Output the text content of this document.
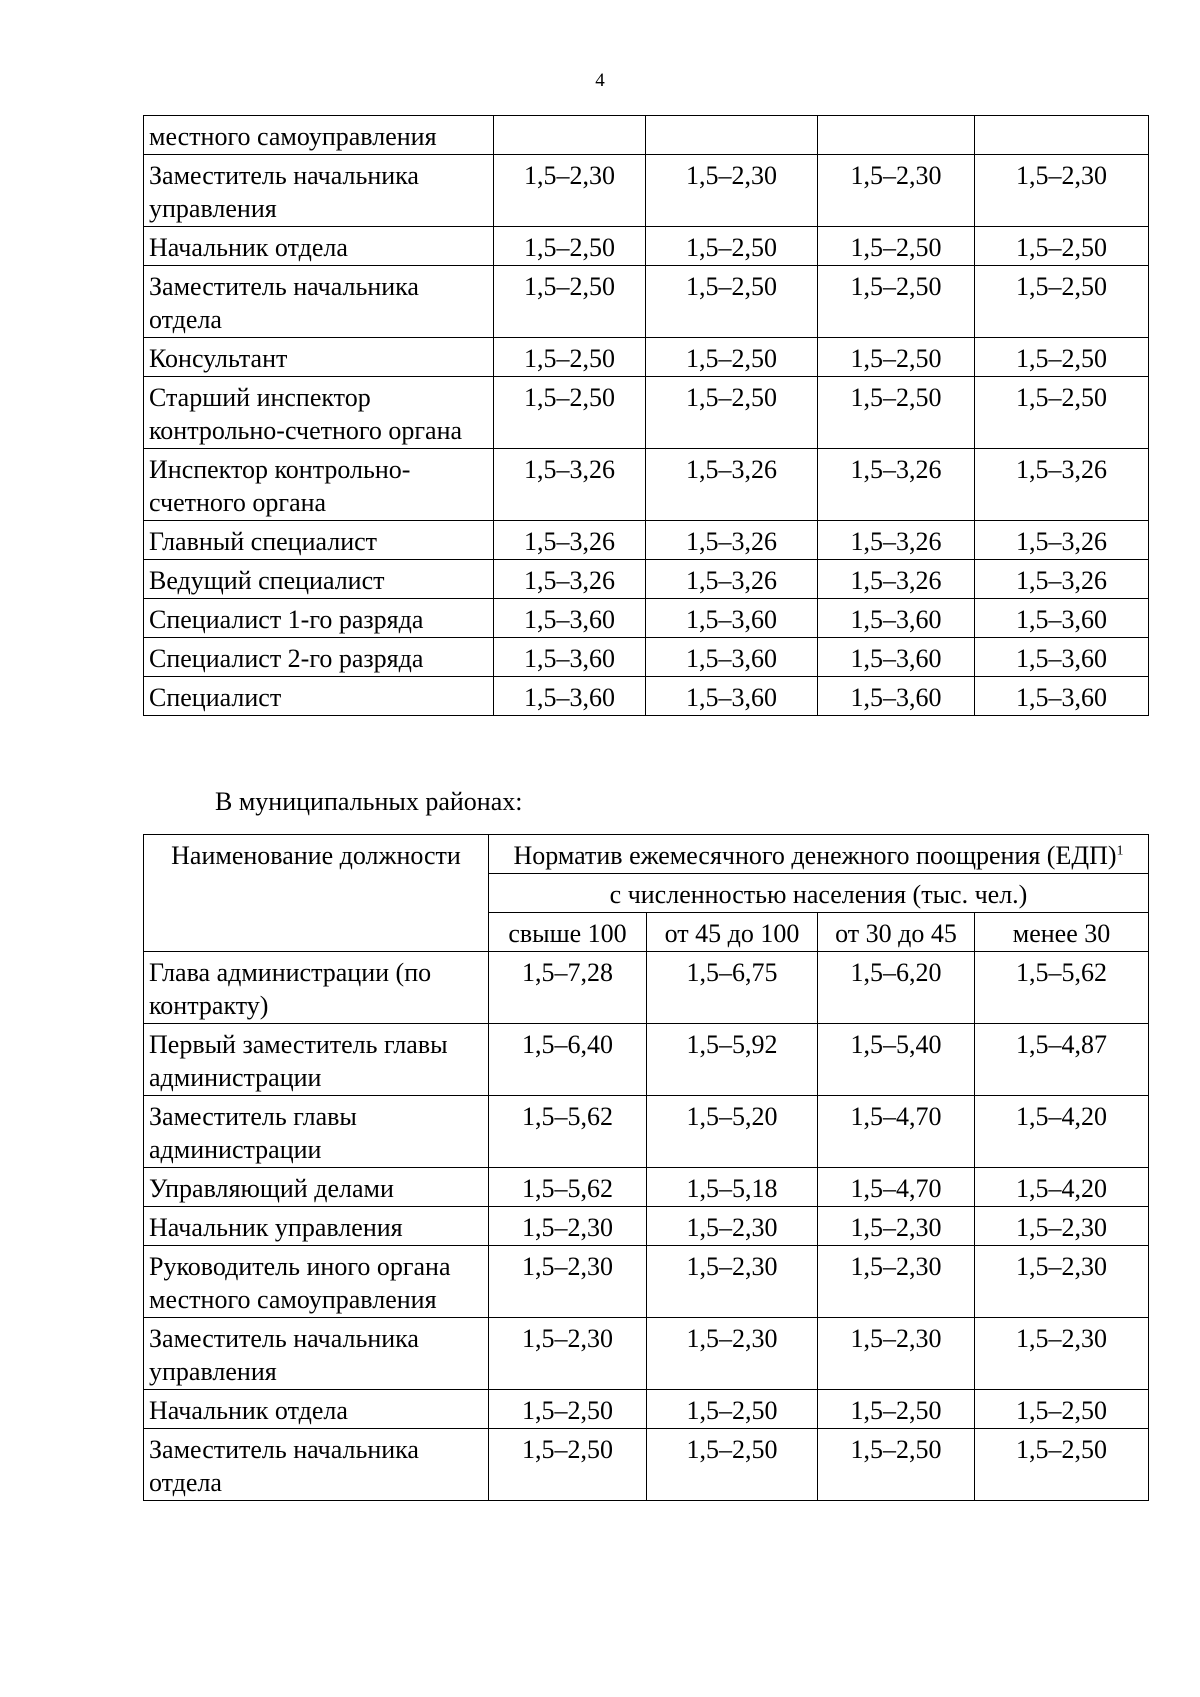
4
местного самоуправления				
Заместитель начальника управления	1,5–2,30	1,5–2,30	1,5–2,30	1,5–2,30
Начальник отдела	1,5–2,50	1,5–2,50	1,5–2,50	1,5–2,50
Заместитель начальника отдела	1,5–2,50	1,5–2,50	1,5–2,50	1,5–2,50
Консультант	1,5–2,50	1,5–2,50	1,5–2,50	1,5–2,50
Старший инспектор контрольно-счетного органа	1,5–2,50	1,5–2,50	1,5–2,50	1,5–2,50
Инспектор контрольно-счетного органа	1,5–3,26	1,5–3,26	1,5–3,26	1,5–3,26
Главный специалист	1,5–3,26	1,5–3,26	1,5–3,26	1,5–3,26
Ведущий специалист	1,5–3,26	1,5–3,26	1,5–3,26	1,5–3,26
Специалист 1-го разряда	1,5–3,60	1,5–3,60	1,5–3,60	1,5–3,60
Специалист 2-го разряда	1,5–3,60	1,5–3,60	1,5–3,60	1,5–3,60
Специалист	1,5–3,60	1,5–3,60	1,5–3,60	1,5–3,60
В муниципальных районах:
Наименование должности	Норматив ежемесячного денежного поощрения (ЕДП)$^1$
	с численностью населения (тыс. чел.)			
	свыше 100	от 45 до 100	от 30 до 45	менее 30
Глава администрации (по контракту)	1,5–7,28	1,5–6,75	1,5–6,20	1,5–5,62
Первый заместитель главы администрации	1,5–6,40	1,5–5,92	1,5–5,40	1,5–4,87
Заместитель главы администрации	1,5–5,62	1,5–5,20	1,5–4,70	1,5–4,20
Управляющий делами	1,5–5,62	1,5–5,18	1,5–4,70	1,5–4,20
Начальник управления	1,5–2,30	1,5–2,30	1,5–2,30	1,5–2,30
Руководитель иного органа местного самоуправления	1,5–2,30	1,5–2,30	1,5–2,30	1,5–2,30
Заместитель начальника управления	1,5–2,30	1,5–2,30	1,5–2,30	1,5–2,30
Начальник отдела	1,5–2,50	1,5–2,50	1,5–2,50	1,5–2,50
Заместитель начальника отдела	1,5–2,50	1,5–2,50	1,5–2,50	1,5–2,50
